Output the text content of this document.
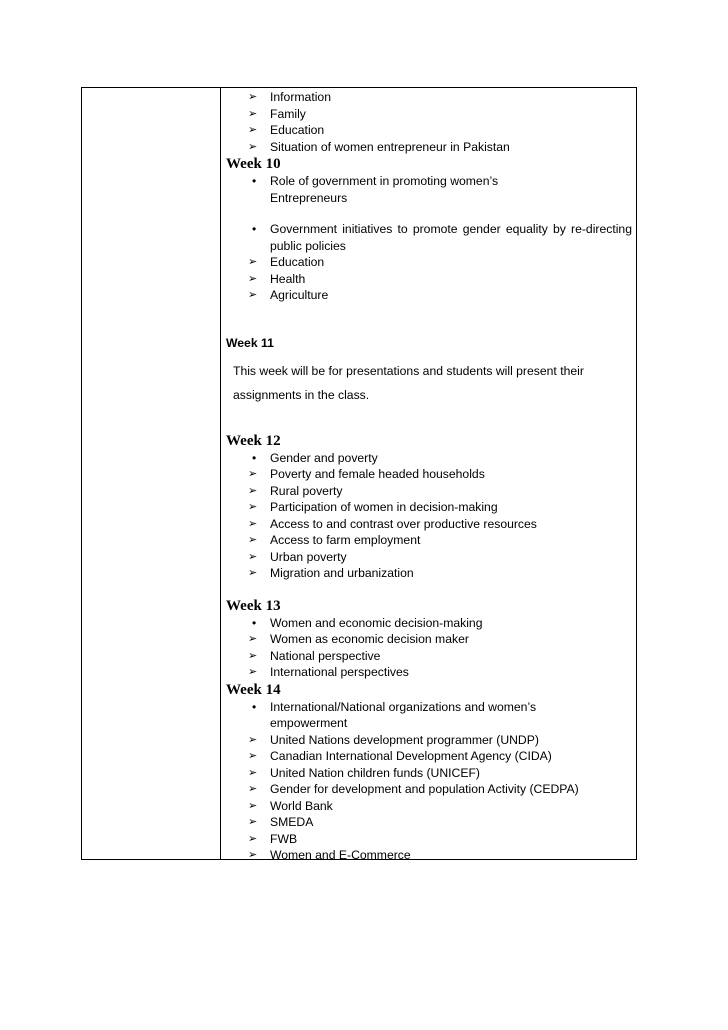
➢	Information
➢	Family
➢	Education
➢	Situation of women entrepreneur in Pakistan
Week 10
•	Role of government in promoting women’s Entrepreneurs
•	Government initiatives to promote gender equality by re-directing public policies
➢	Education
➢	Health
➢	Agriculture
Week 11
This week will be for presentations and students will present their assignments in the class.
Week 12
•	Gender and poverty
➢	Poverty and female headed households
➢	Rural poverty
➢	Participation of women in decision-making
➢	Access to and contrast over productive resources
➢	Access to farm employment
➢	Urban poverty
➢	Migration and urbanization
Week 13
•	Women and economic decision-making
➢	Women as economic decision maker
➢	National perspective
➢	International perspectives
Week 14
•	International/National organizations and women’s empowerment
➢	United Nations development programmer (UNDP)
➢	Canadian International Development Agency (CIDA)
➢	United Nation children funds (UNICEF)
➢	Gender for development and population Activity (CEDPA)
➢	World Bank
➢	SMEDA
➢	FWB
➢	Women and E-Commerce
